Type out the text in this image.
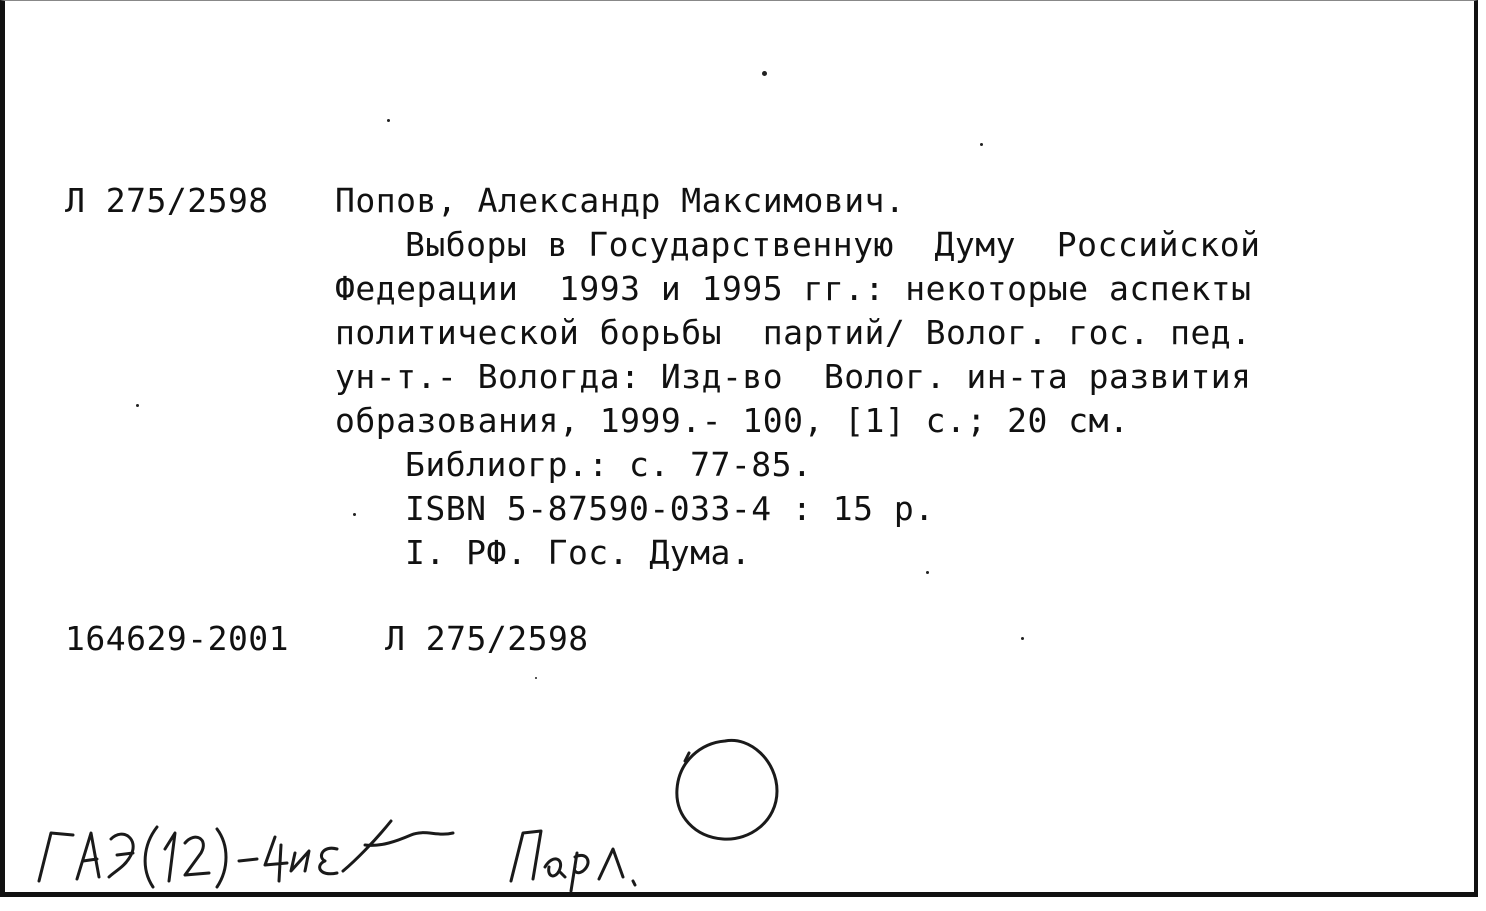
Л 275/2598 Попов, Александр Максимович.
Выборы в Государственную  Думу  Российской
Федерации  1993 и 1995 гг.: некоторые аспекты
политической борьбы  партий/ Волог. гос. пед.
ун-т.- Вологда: Изд-во  Волог. ин-та развития
образования, 1999.- 100, [1] с.; 20 см.
Библиогр.: с. 77-85.
ISBN 5-87590-033-4 : 15 р.
I. РФ. Гос. Дума.
164629-2001	Л 275/2598
